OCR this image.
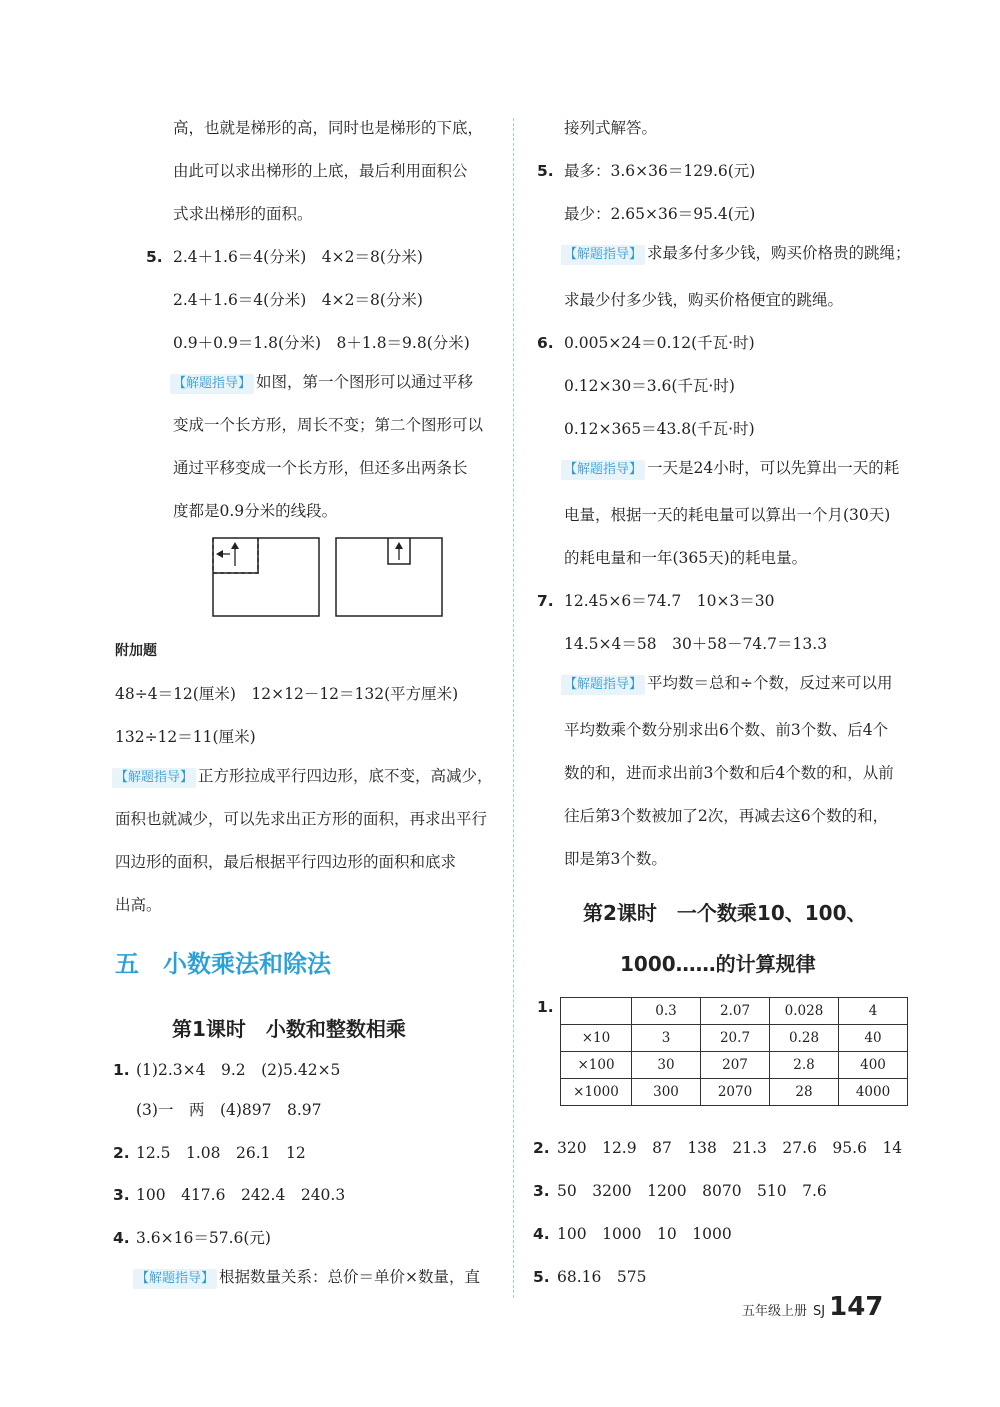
高，也就是梯形的高，同时也是梯形的下底，
由此可以求出梯形的上底，最后利用面积公
式求出梯形的面积。
5. 2.4＋1.6＝4(分米)　4×2＝8(分米)
2.4＋1.6＝4(分米)　4×2＝8(分米)
0.9＋0.9＝1.8(分米)　8＋1.8＝9.8(分米)
【解题指导】 如图，第一个图形可以通过平移
变成一个长方形，周长不变；第二个图形可以
通过平移变成一个长方形，但还多出两条长
度都是0.9分米的线段。
附加题
48÷4＝12(厘米)　12×12－12＝132(平方厘米)
132÷12＝11(厘米)
【解题指导】 正方形拉成平行四边形，底不变，高减少，
面积也就减少，可以先求出正方形的面积，再求出平行
四边形的面积，最后根据平行四边形的面积和底求
出高。
五 小数乘法和除法
第1课时　小数和整数相乘
1. (1)2.3×4　9.2　(2)5.42×5
(3)一　两　(4)897　8.97
2. 12.5　1.08　26.1　12
3. 100　417.6　242.4　240.3
4. 3.6×16＝57.6(元)
【解题指导】 根据数量关系：总价＝单价×数量，直
接列式解答。
5. 最多：3.6×36＝129.6(元)
最少：2.65×36＝95.4(元)
【解题指导】 求最多付多少钱，购买价格贵的跳绳；
求最少付多少钱，购买价格便宜的跳绳。
6. 0.005×24＝0.12(千瓦·时)
0.12×30＝3.6(千瓦·时)
0.12×365＝43.8(千瓦·时)
【解题指导】 一天是24小时，可以先算出一天的耗
电量，根据一天的耗电量可以算出一个月(30天)
的耗电量和一年(365天)的耗电量。
7. 12.45×6＝74.7　10×3＝30
14.5×4＝58　30＋58－74.7＝13.3
【解题指导】 平均数＝总和÷个数，反过来可以用
平均数乘个数分别求出6个数、前3个数、后4个
数的和，进而求出前3个数和后4个数的和，从前
往后第3个数被加了2次，再减去这6个数的和，
即是第3个数。
第2课时　一个数乘10、100、
1000……的计算规律
1.
		0.3	2.07	0.028	4
×10	3	20.7	0.28	40
×100	30	207	2.8	400
×1000	300	2070	28	4000
2. 320　12.9　87　138　21.3　27.6　95.6　14
3. 50　3200　1200　8070　510　7.6
4. 100　1000　10　1000
5. 68.16　575
五年级上册 SJ 147
